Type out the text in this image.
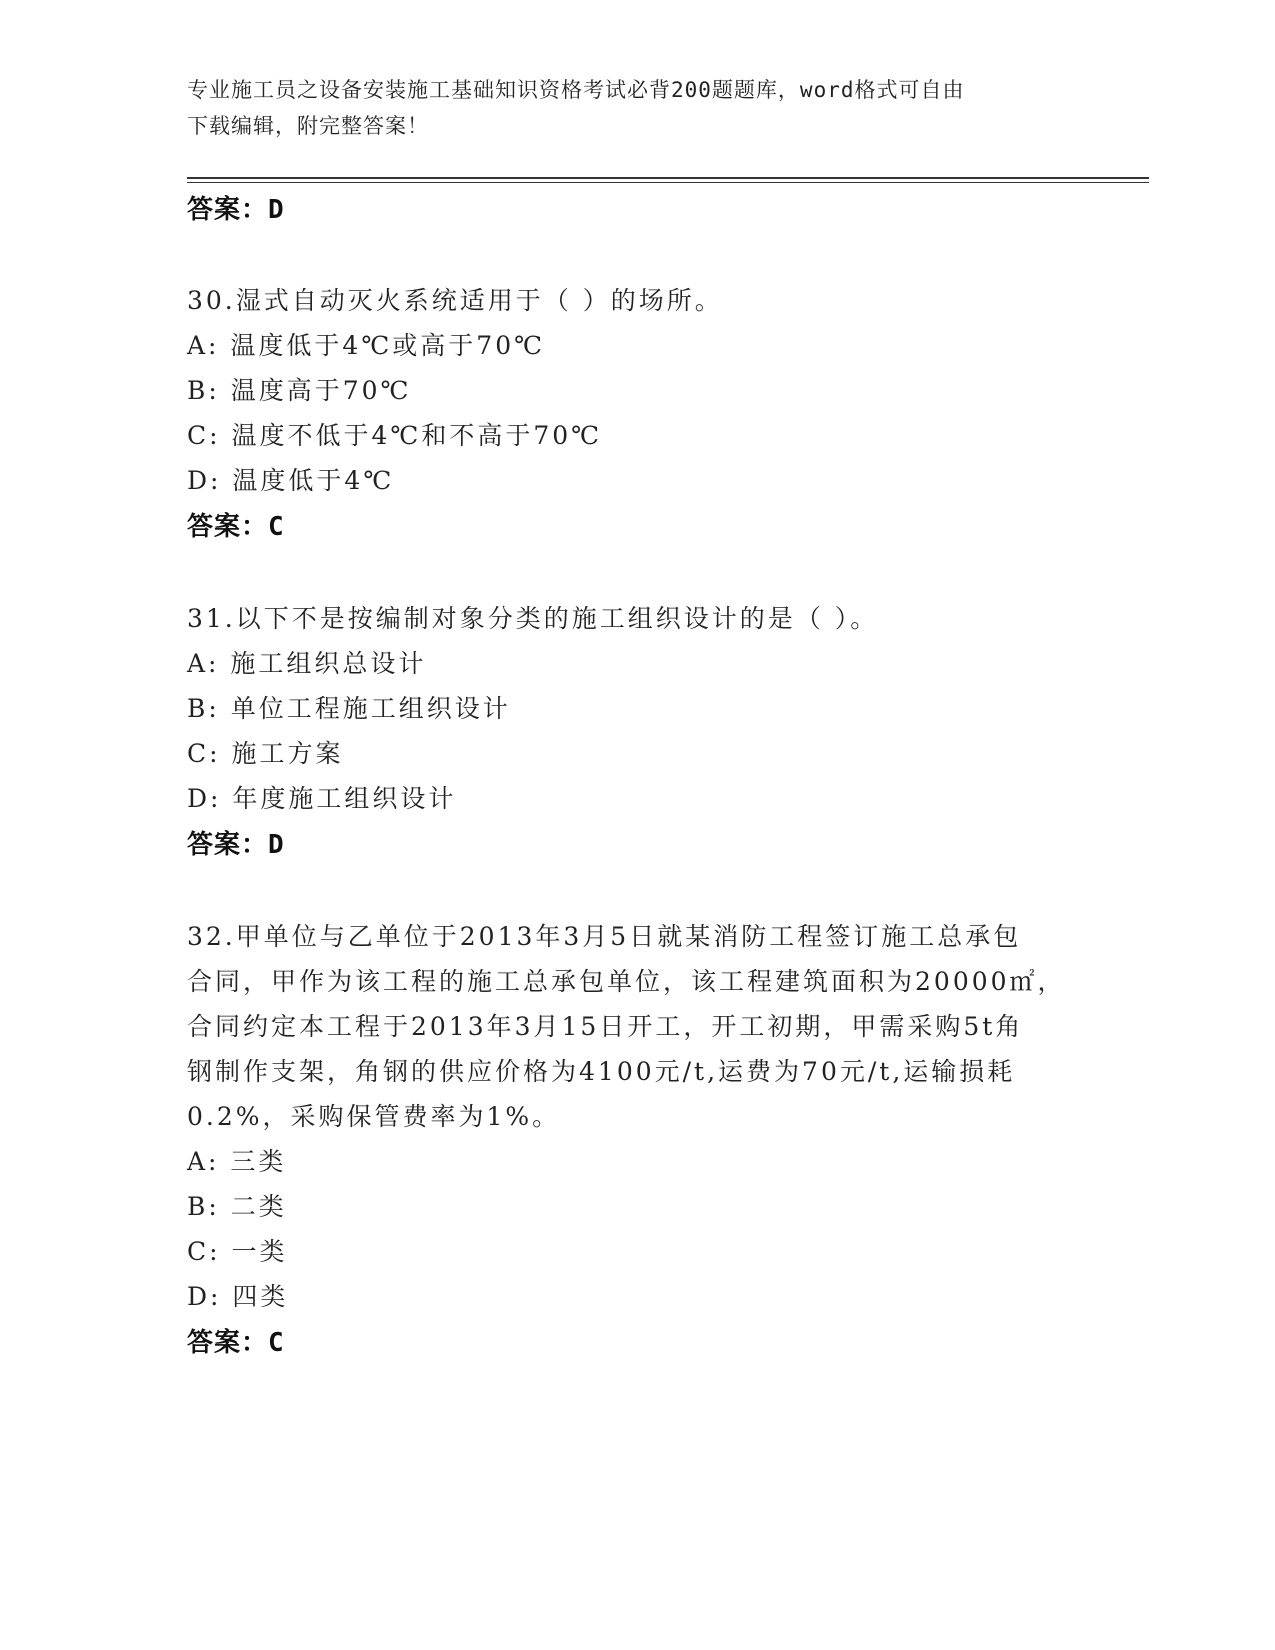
专业施工员之设备安装施工基础知识资格考试必背200题题库，word格式可自由
下载编辑，附完整答案！
答案：D
30.湿式自动灭火系统适用于（ ）的场所。
A: 温度低于4℃或高于70℃
B: 温度高于70℃
C: 温度不低于4℃和不高于70℃
D: 温度低于4℃
答案：C
31.以下不是按编制对象分类的施工组织设计的是（ ）。
A: 施工组织总设计
B: 单位工程施工组织设计
C: 施工方案
D: 年度施工组织设计
答案：D
32.甲单位与乙单位于2013年3月5日就某消防工程签订施工总承包
合同，甲作为该工程的施工总承包单位，该工程建筑面积为20000㎡，
合同约定本工程于2013年3月15日开工，开工初期，甲需采购5t角
钢制作支架，角钢的供应价格为4100元/t,运费为70元/t,运输损耗
0.2%，采购保管费率为1%。
A: 三类
B: 二类
C: 一类
D: 四类
答案：C
